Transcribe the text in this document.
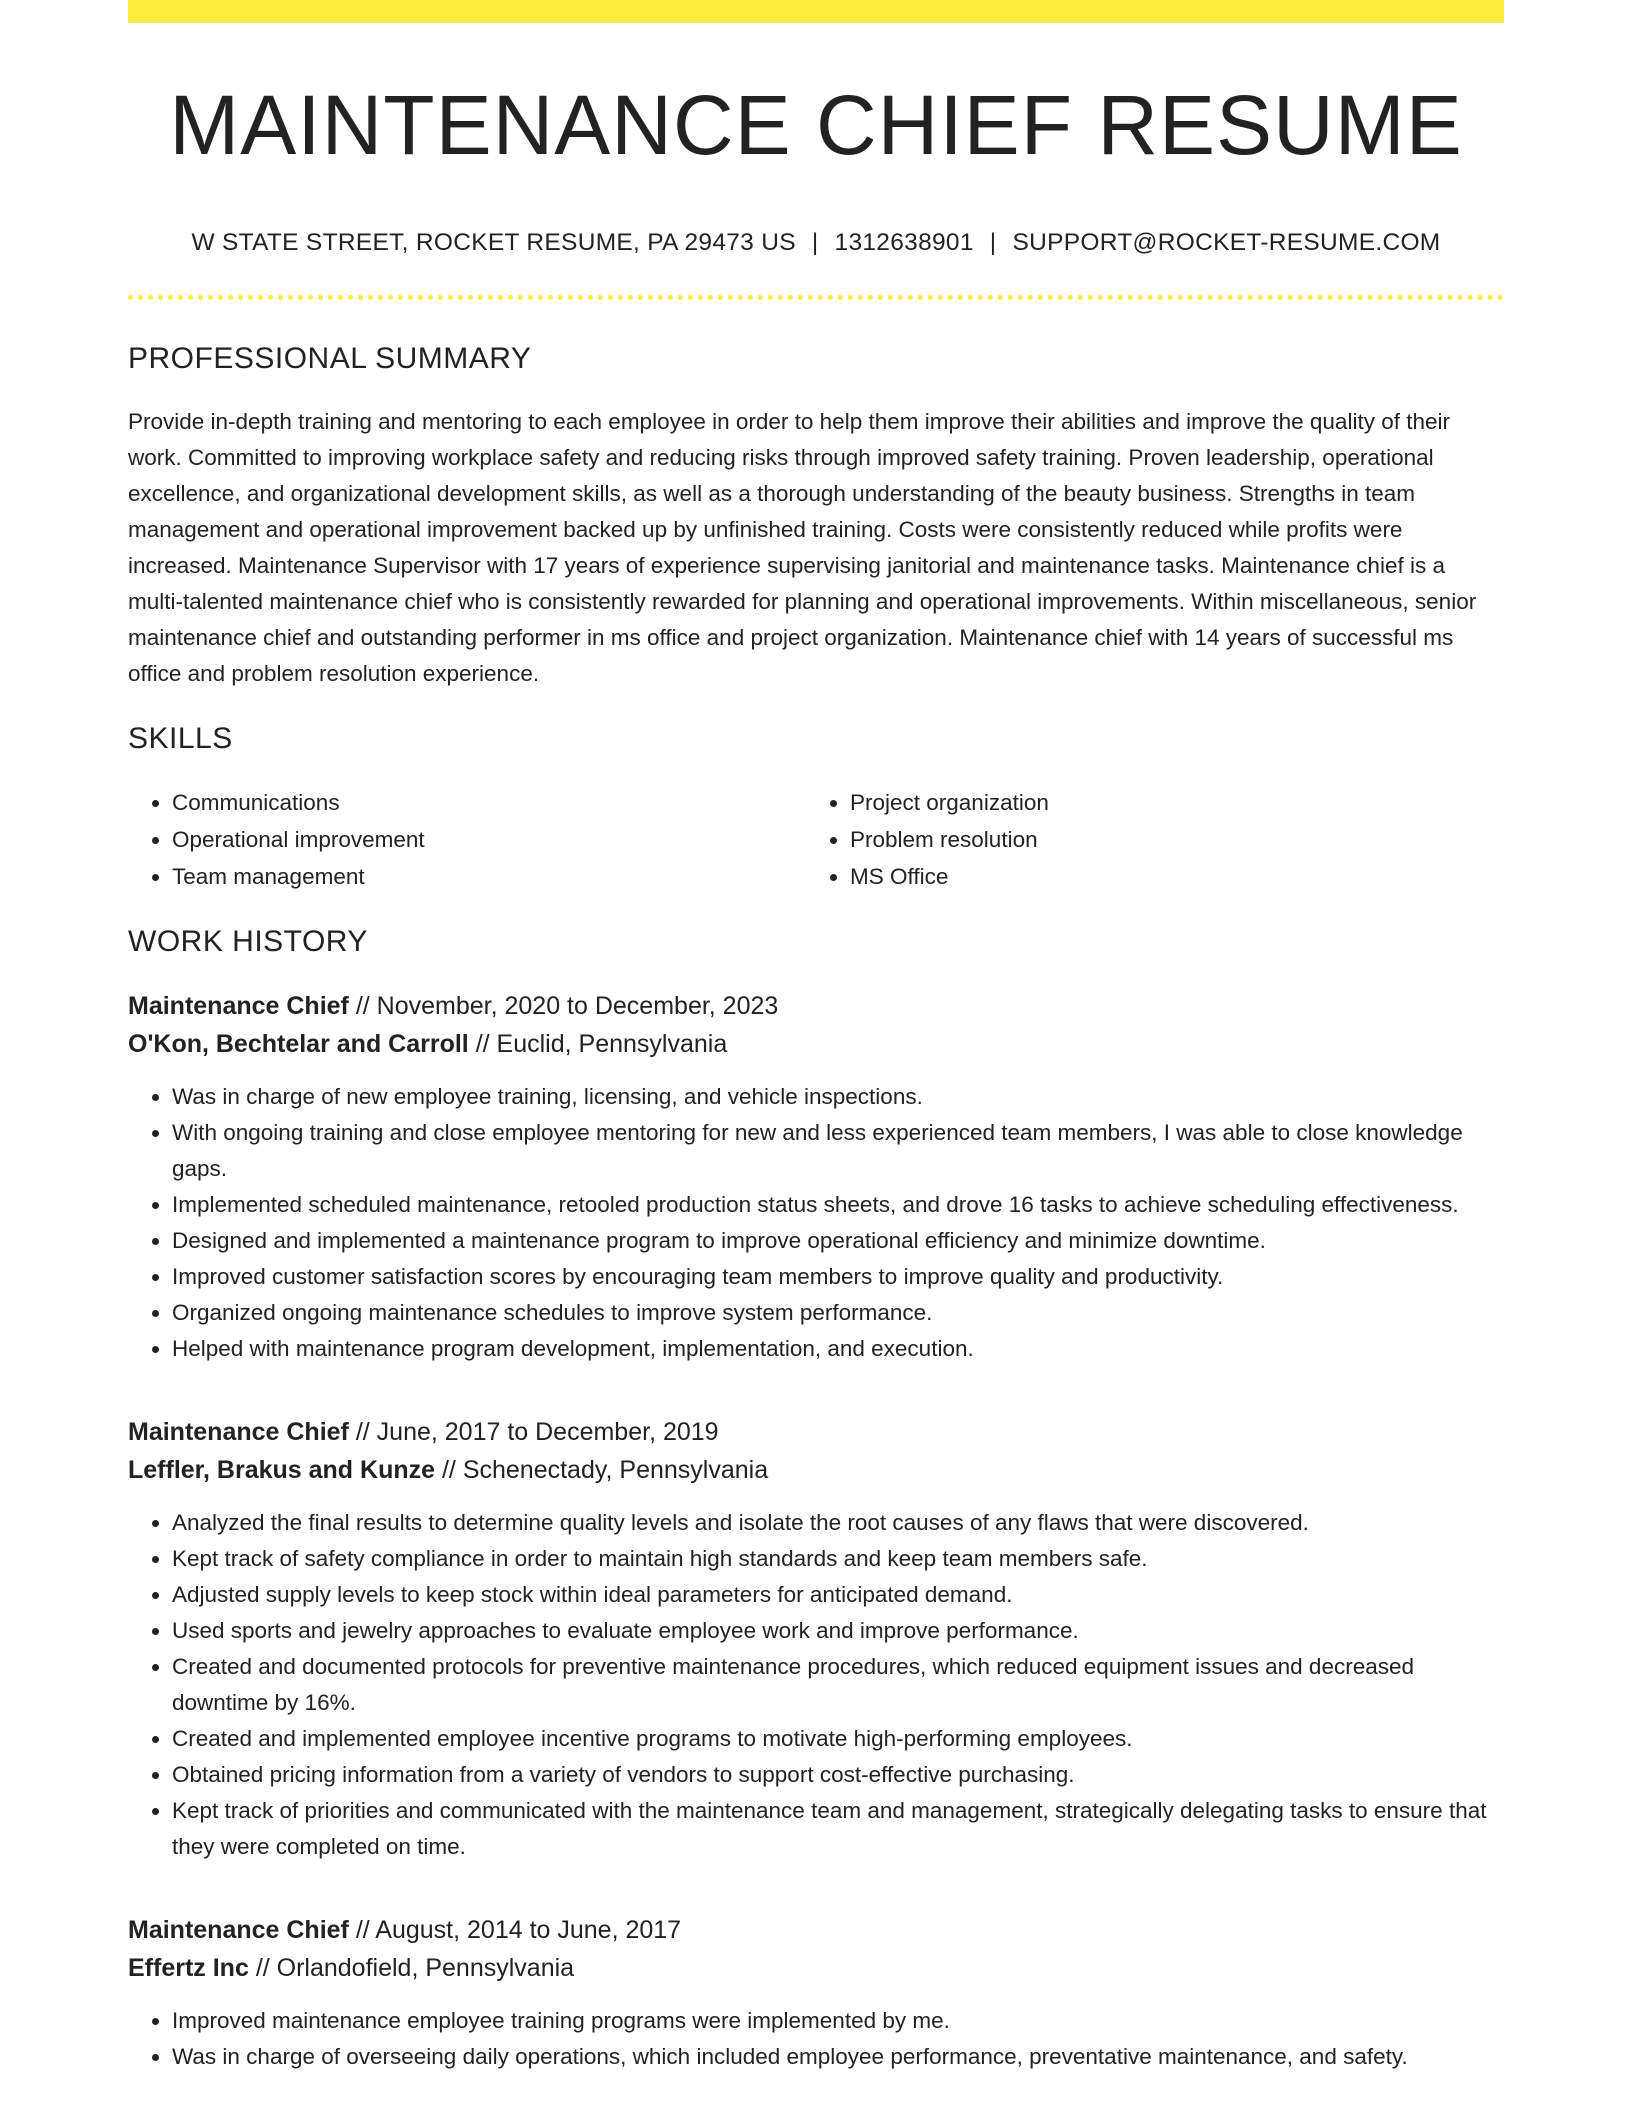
MAINTENANCE CHIEF RESUME
W STATE STREET, ROCKET RESUME, PA 29473 US | 1312638901 | SUPPORT@ROCKET-RESUME.COM
PROFESSIONAL SUMMARY

Provide in-depth training and mentoring to each employee in order to help them improve their abilities and improve the quality of their work. Committed to improving workplace safety and reducing risks through improved safety training. Proven leadership, operational excellence, and organizational development skills, as well as a thorough understanding of the beauty business. Strengths in team management and operational improvement backed up by unfinished training. Costs were consistently reduced while profits were increased. Maintenance Supervisor with 17 years of experience supervising janitorial and maintenance tasks. Maintenance chief is a multi-talented maintenance chief who is consistently rewarded for planning and operational improvements. Within miscellaneous, senior maintenance chief and outstanding performer in ms office and project organization. Maintenance chief with 14 years of successful ms office and problem resolution experience.

SKILLS
• Communications
• Operational improvement
• Team management
• Project organization
• Problem resolution
• MS Office
WORK HISTORY
Maintenance Chief // November, 2020 to December, 2023
O'Kon, Bechtelar and Carroll // Euclid, Pennsylvania
• Was in charge of new employee training, licensing, and vehicle inspections.
• With ongoing training and close employee mentoring for new and less experienced team members, I was able to close knowledge gaps.
• Implemented scheduled maintenance, retooled production status sheets, and drove 16 tasks to achieve scheduling effectiveness.
• Designed and implemented a maintenance program to improve operational efficiency and minimize downtime.
• Improved customer satisfaction scores by encouraging team members to improve quality and productivity.
• Organized ongoing maintenance schedules to improve system performance.
• Helped with maintenance program development, implementation, and execution.
Maintenance Chief // June, 2017 to December, 2019
Leffler, Brakus and Kunze // Schenectady, Pennsylvania
• Analyzed the final results to determine quality levels and isolate the root causes of any flaws that were discovered.
• Kept track of safety compliance in order to maintain high standards and keep team members safe.
• Adjusted supply levels to keep stock within ideal parameters for anticipated demand.
• Used sports and jewelry approaches to evaluate employee work and improve performance.
• Created and documented protocols for preventive maintenance procedures, which reduced equipment issues and decreased downtime by 16%.
• Created and implemented employee incentive programs to motivate high-performing employees.
• Obtained pricing information from a variety of vendors to support cost-effective purchasing.
• Kept track of priorities and communicated with the maintenance team and management, strategically delegating tasks to ensure that they were completed on time.
Maintenance Chief // August, 2014 to June, 2017
Effertz Inc // Orlandofield, Pennsylvania
• Improved maintenance employee training programs were implemented by me.
• Was in charge of overseeing daily operations, which included employee performance, preventative maintenance, and safety.
